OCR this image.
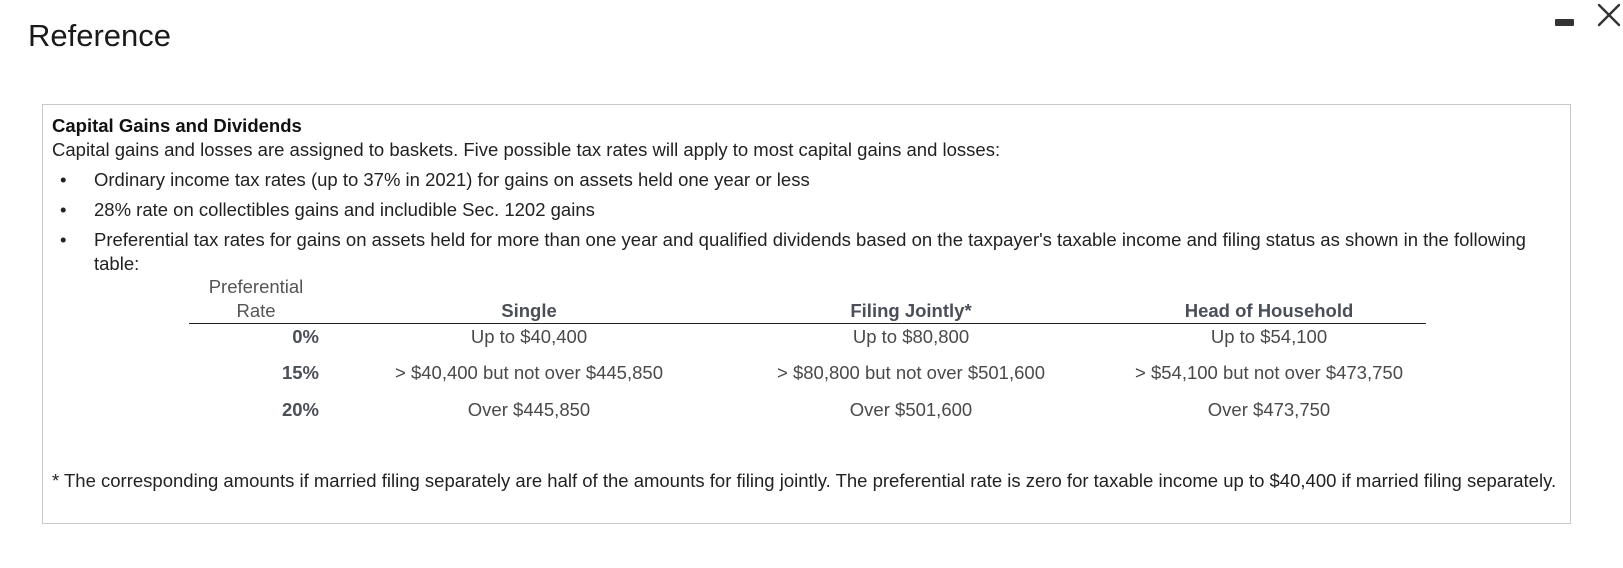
Reference
Capital Gains and Dividends
Capital gains and losses are assigned to baskets. Five possible tax rates will apply to most capital gains and losses:
• Ordinary income tax rates (up to 37% in 2021) for gains on assets held one year or less
• 28% rate on collectibles gains and includible Sec. 1202 gains
• Preferential tax rates for gains on assets held for more than one year and qualified dividends based on the taxpayer's taxable income and filing status as shown in the following table:
Preferential
Rate	Single	Filing Jointly*	Head of Household
0%	Up to $40,400	Up to $80,800	Up to $54,100
15%	> $40,400 but not over $445,850	> $80,800 but not over $501,600	> $54,100 but not over $473,750
20%	Over $445,850	Over $501,600	Over $473,750
* The corresponding amounts if married filing separately are half of the amounts for filing jointly. The preferential rate is zero for taxable income up to $40,400 if married filing separately.
